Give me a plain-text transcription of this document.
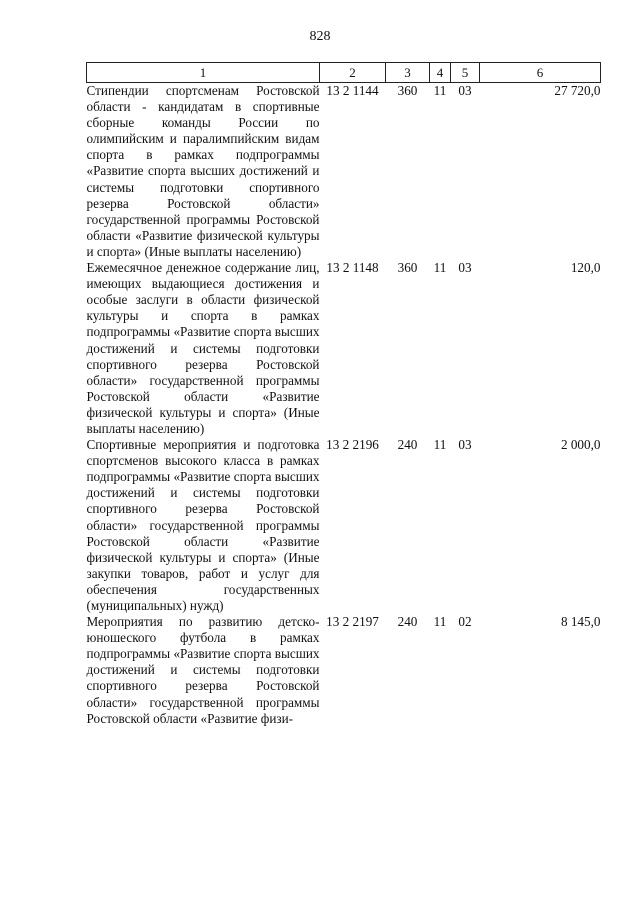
828
1	2	3	4	5	6
Стипендии спортсменам Ростовской области - кандидатам в спортивные сборные команды России по олимпийским и паралимпийским видам спорта в рамках подпрограммы «Развитие спорта высших достижений и системы подготовки спортивного резерва Ростовской области» государственной программы Ростовской области «Развитие физической культуры и спорта» (Иные выплаты населению)	13 2 1144	360	11	03	27 720,0
Ежемесячное денежное содержание лиц, имеющих выдающиеся достижения и особые заслуги в области физической культуры и спорта в рамках подпрограммы «Развитие спорта высших достижений и системы подготовки спортивного резерва Ростовской области» государственной программы Ростовской области «Развитие физической культуры и спорта» (Иные выплаты населению)	13 2 1148	360	11	03	120,0
Спортивные мероприятия и подготовка спортсменов высокого класса в рамках подпрограммы «Развитие спорта высших достижений и системы подготовки спортивного резерва Ростовской области» государственной программы Ростовской области «Развитие физической культуры и спорта» (Иные закупки товаров, работ и услуг для обеспечения государственных (муниципальных) нужд)	13 2 2196	240	11	03	2 000,0
Мероприятия по развитию детско-юношеского футбола в рамках подпрограммы «Развитие спорта высших достижений и системы подготовки спортивного резерва Ростовской области» государственной программы Ростовской области «Развитие физи-	13 2 2197	240	11	02	8 145,0
